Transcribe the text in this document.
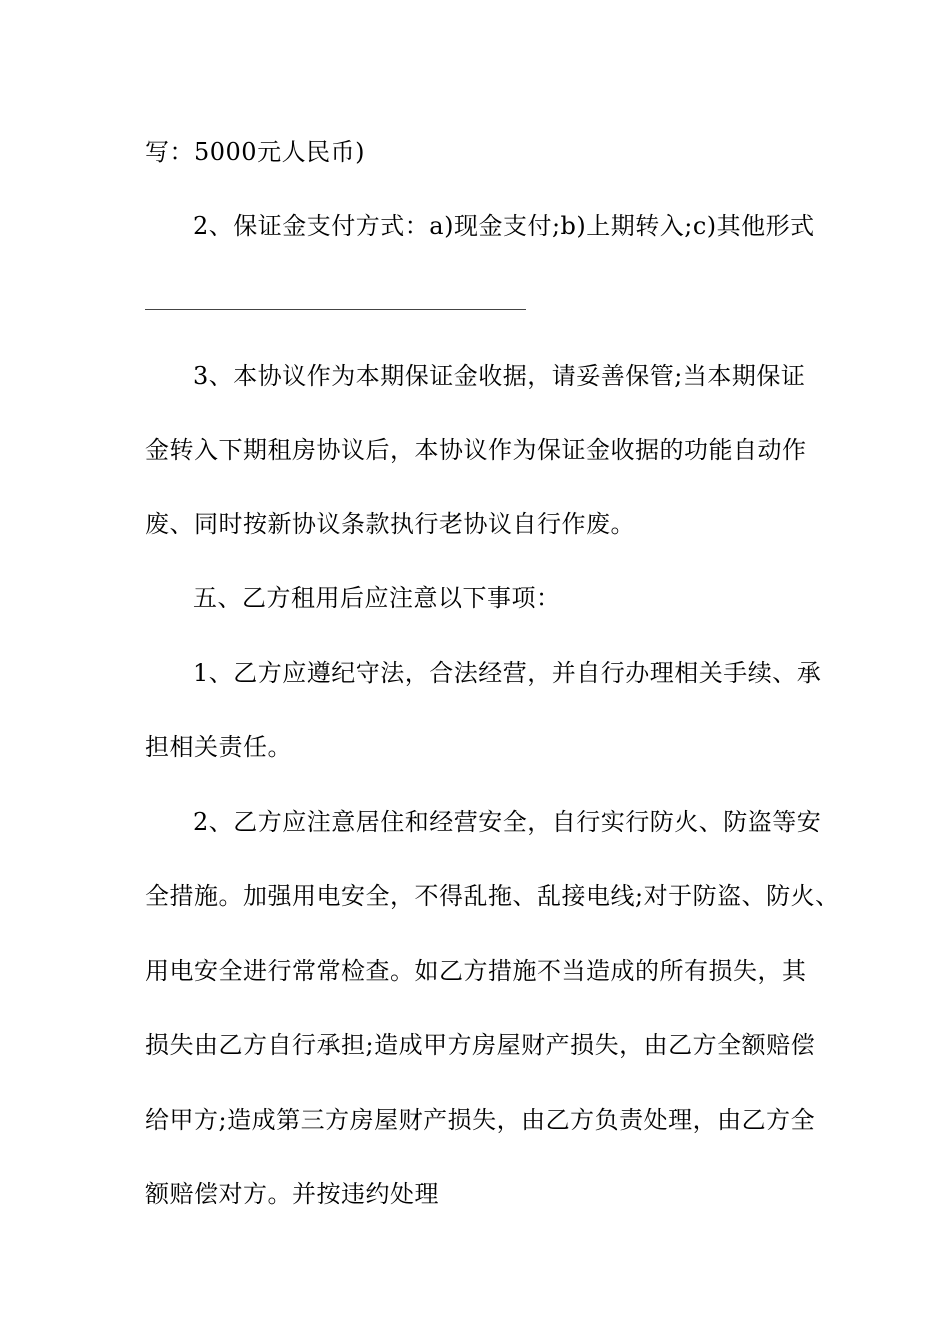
写：5000元人民币)
2、保证金支付方式：a)现金支付;b)上期转入;c)其他形式
3、本协议作为本期保证金收据，请妥善保管;当本期保证
金转入下期租房协议后，本协议作为保证金收据的功能自动作
废、同时按新协议条款执行老协议自行作废。
五、乙方租用后应注意以下事项：
1、乙方应遵纪守法，合法经营，并自行办理相关手续、承
担相关责任。
2、乙方应注意居住和经营安全，自行实行防火、防盗等安
全措施。加强用电安全，不得乱拖、乱接电线;对于防盗、防火、
用电安全进行常常检查。如乙方措施不当造成的所有损失，其
损失由乙方自行承担;造成甲方房屋财产损失，由乙方全额赔偿
给甲方;造成第三方房屋财产损失，由乙方负责处理，由乙方全
额赔偿对方。并按违约处理
